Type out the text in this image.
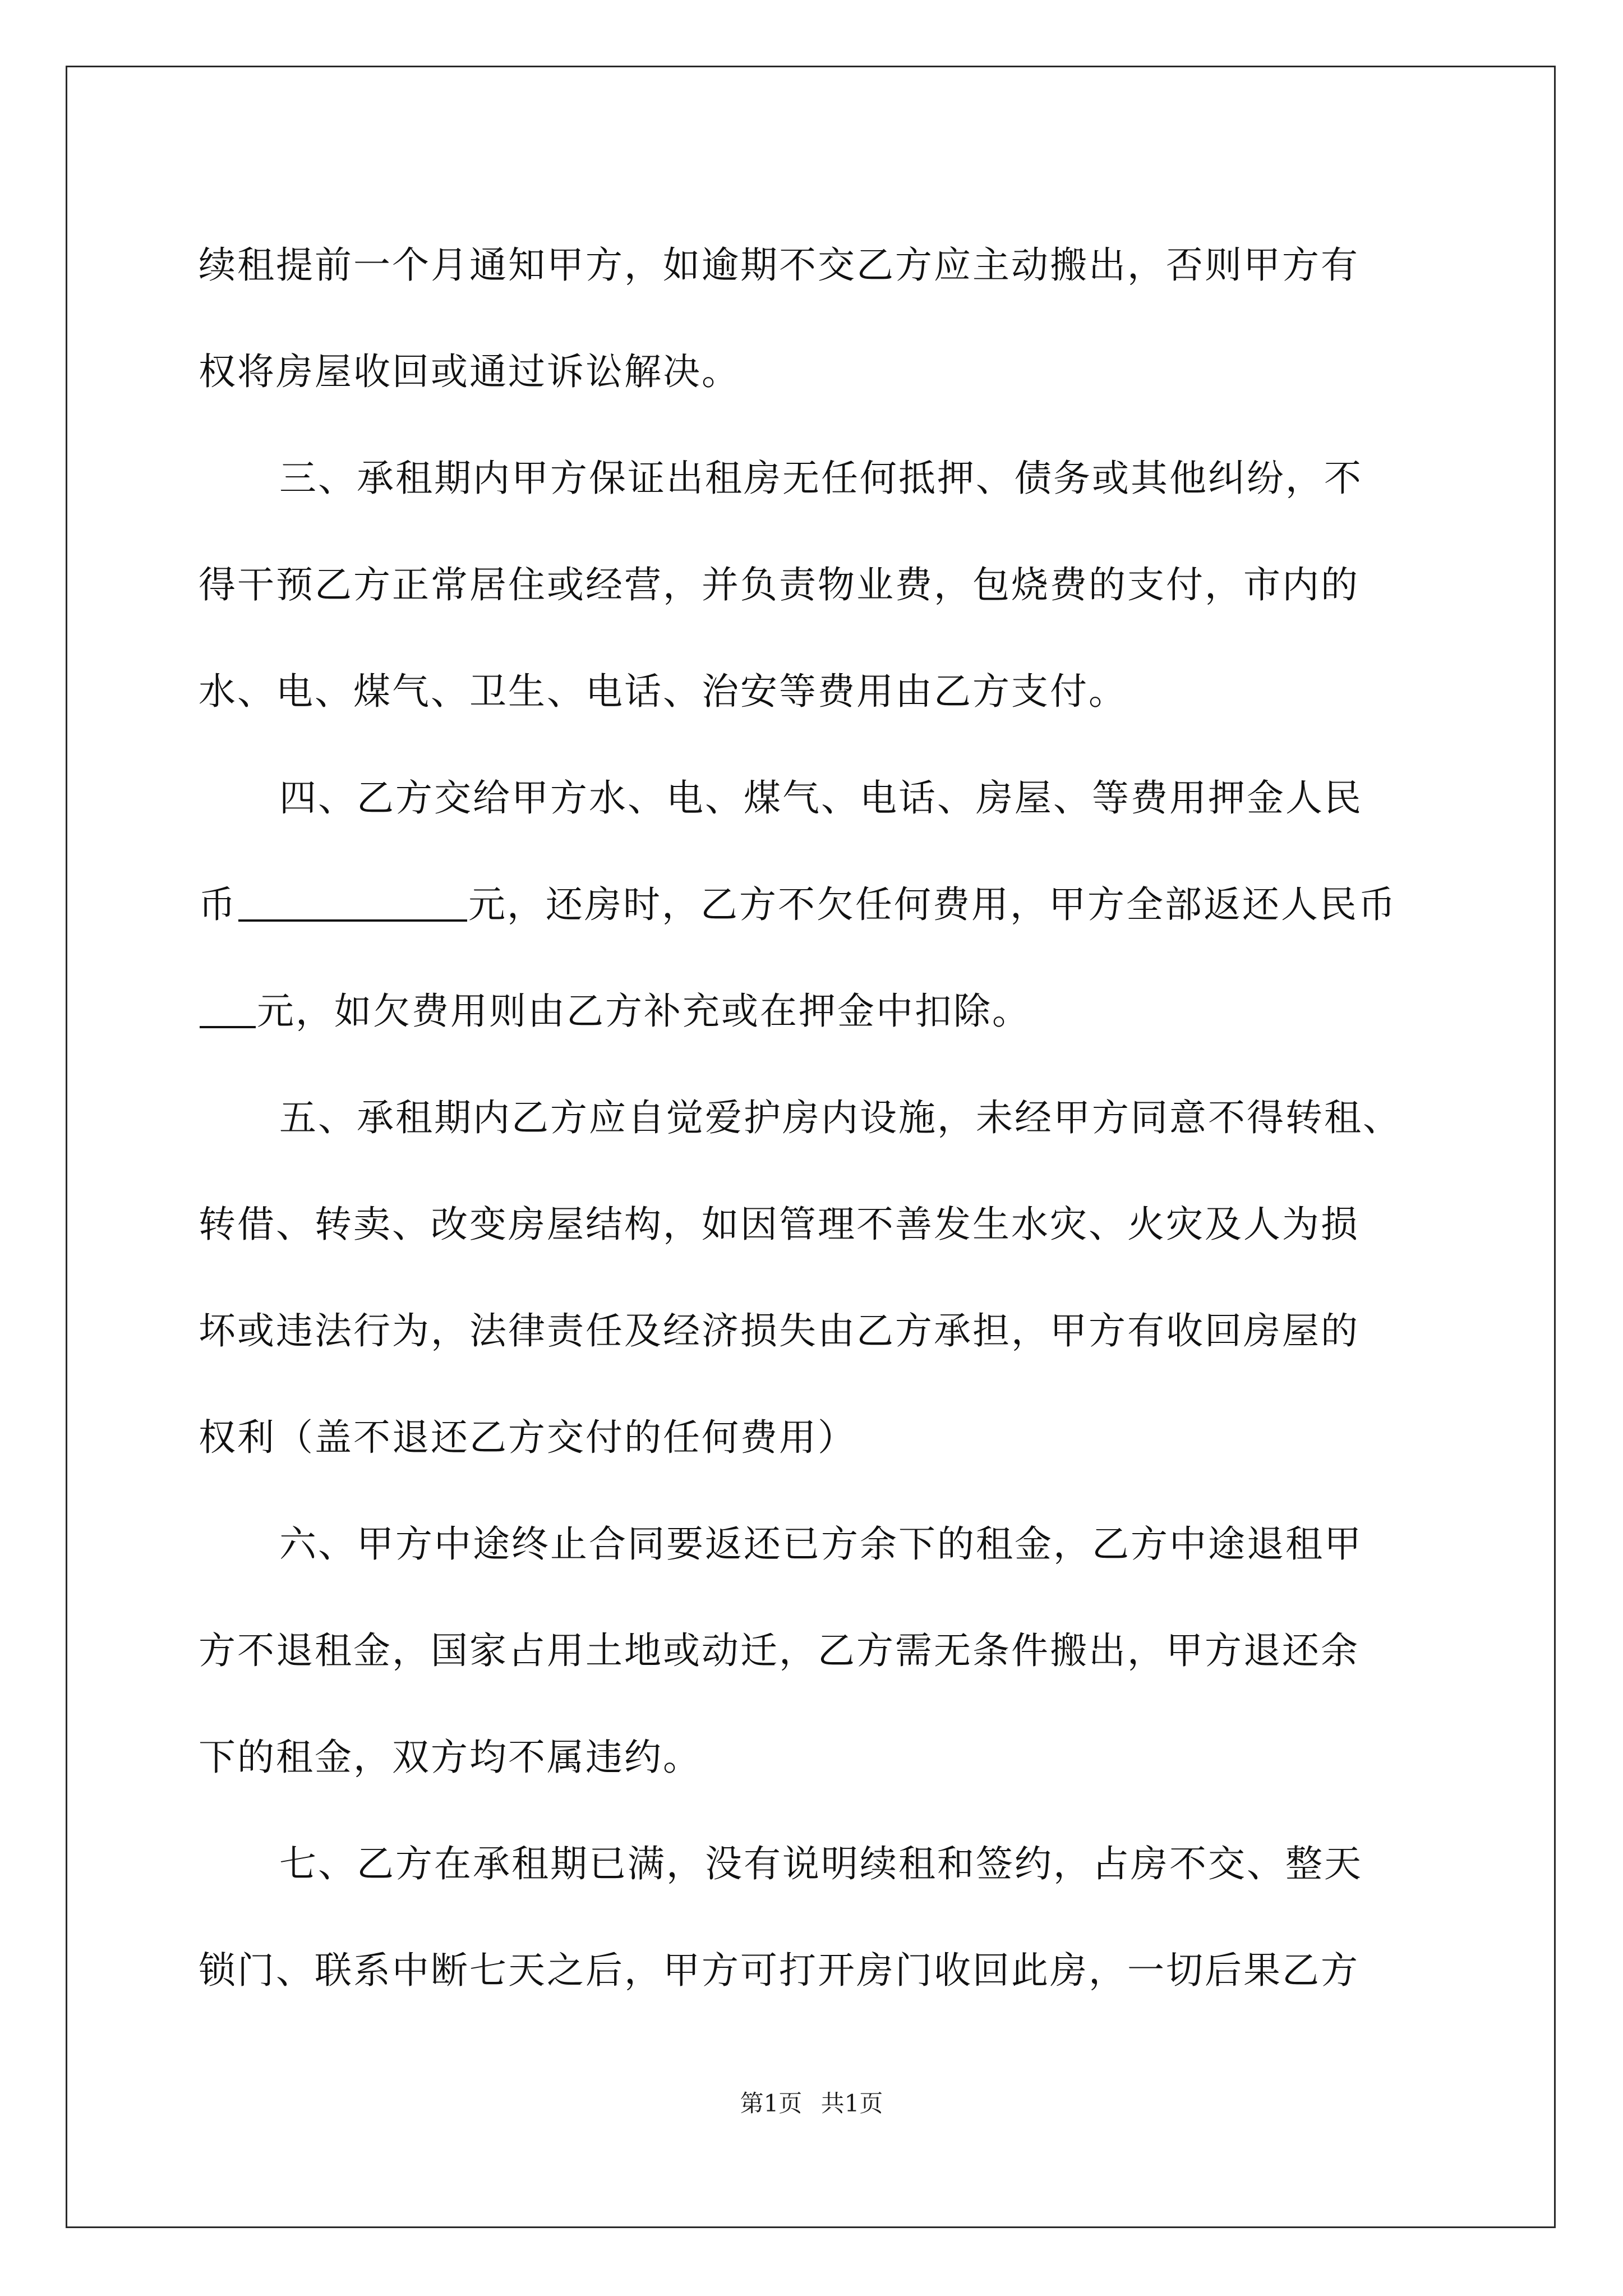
续租提前一个月通知甲方，如逾期不交乙方应主动搬出，否则甲方有
权将房屋收回或通过诉讼解决。
三、承租期内甲方保证出租房无任何抵押、债务或其他纠纷，不
得干预乙方正常居住或经营，并负责物业费，包烧费的支付，市内的
水、电、煤气、卫生、电话、治安等费用由乙方支付。
四、乙方交给甲方水、电、煤气、电话、房屋、等费用押金人民
币	元，还房时，乙方不欠任何费用，甲方全部返还人民币
元，如欠费用则由乙方补充或在押金中扣除。
五、承租期内乙方应自觉爱护房内设施，未经甲方同意不得转租、
转借、转卖、改变房屋结构，如因管理不善发生水灾、火灾及人为损
坏或违法行为，法律责任及经济损失由乙方承担，甲方有收回房屋的
权利（盖不退还乙方交付的任何费用）
六、甲方中途终止合同要返还已方余下的租金，乙方中途退租甲
方不退租金，国家占用土地或动迁，乙方需无条件搬出，甲方退还余
下的租金，双方均不属违约。
七、乙方在承租期已满，没有说明续租和签约，占房不交、整天
锁门、联系中断七天之后，甲方可打开房门收回此房，一切后果乙方
第1页 共1页
